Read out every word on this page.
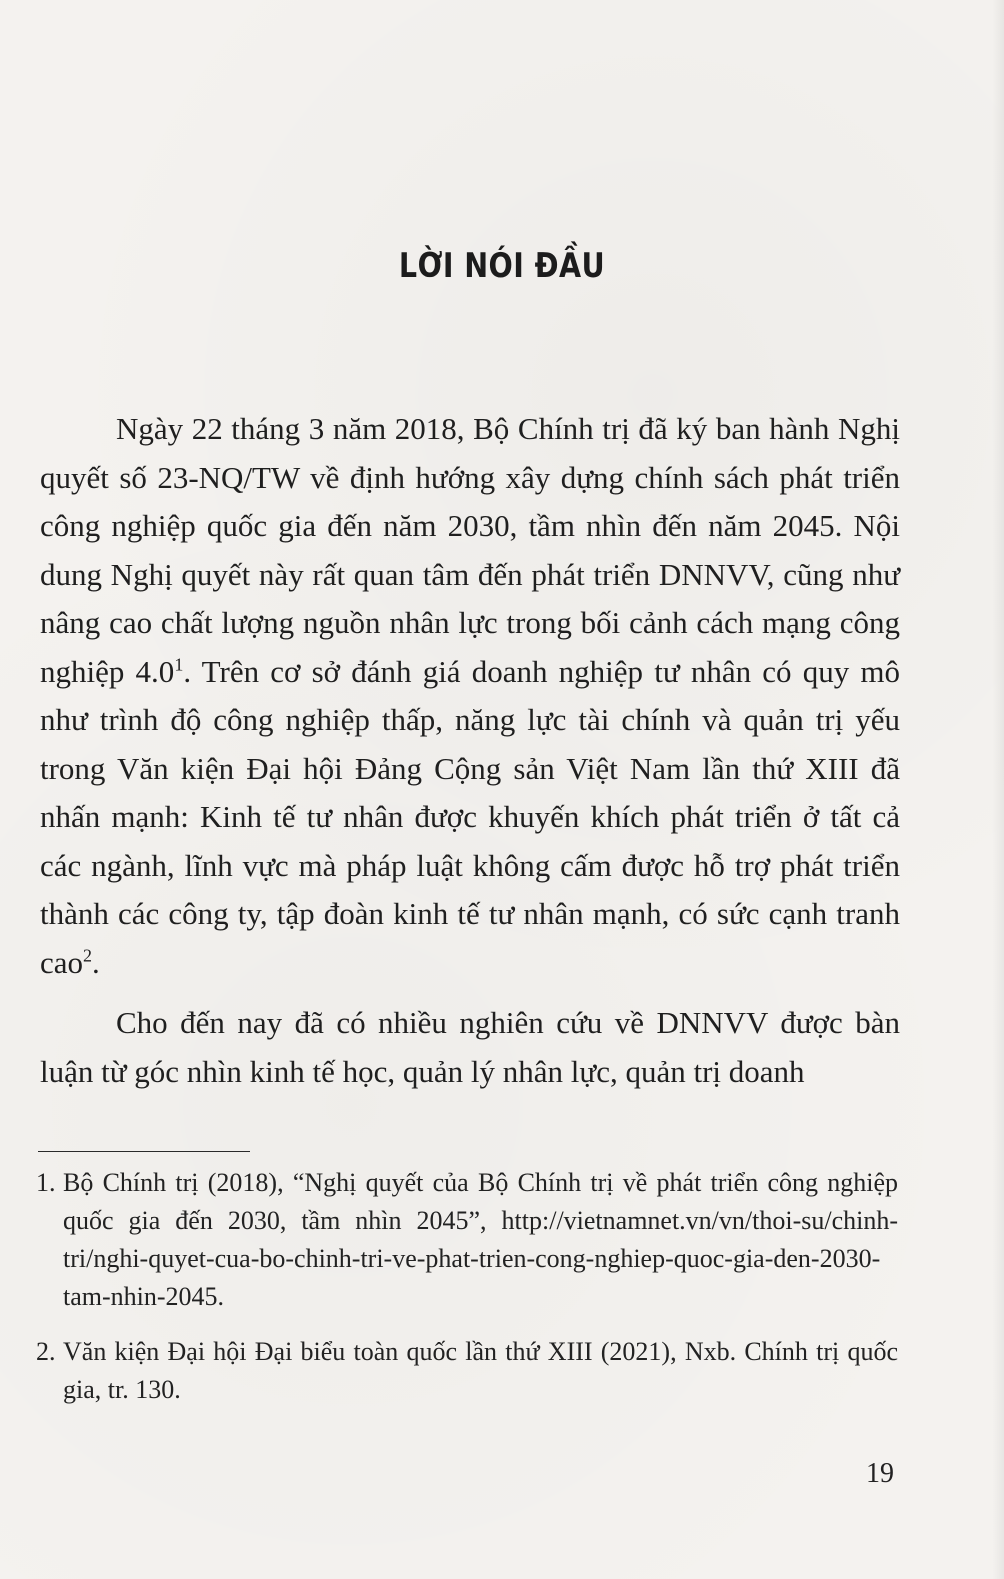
LỜI NÓI ĐẦU

Ngày 22 tháng 3 năm 2018, Bộ Chính trị đã ký ban hành Nghị quyết số 23-NQ/TW về định hướng xây dựng chính sách phát triển công nghiệp quốc gia đến năm 2030, tầm nhìn đến năm 2045. Nội dung Nghị quyết này rất quan tâm đến phát triển DNNVV, cũng như nâng cao chất lượng nguồn nhân lực trong bối cảnh cách mạng công nghiệp $4.0^1$. Trên cơ sở đánh giá doanh nghiệp tư nhân có quy mô như trình độ công nghiệp thấp, năng lực tài chính và quản trị yếu trong Văn kiện Đại hội Đảng Cộng sản Việt Nam lần thứ XIII đã nhấn mạnh: Kinh tế tư nhân được khuyến khích phát triển ở tất cả các ngành, lĩnh vực mà pháp luật không cấm được hỗ trợ phát triển thành các công ty, tập đoàn kinh tế tư nhân mạnh, có sức cạnh tranh cao$^2$.

Cho đến nay đã có nhiều nghiên cứu về DNNVV được bàn luận từ góc nhìn kinh tế học, quản lý nhân lực, quản trị doanh

1. Bộ Chính trị (2018), “Nghị quyết của Bộ Chính trị về phát triển công nghiệp quốc gia đến 2030, tầm nhìn 2045”, http://vietnamnet.vn/vn/thoi-su/chinh-tri/nghi-quyet-cua-bo-chinh-tri-ve-phat-trien-cong-nghiep-quoc-gia-den-2030-tam-nhin-2045.
2. Văn kiện Đại hội Đại biểu toàn quốc lần thứ XIII (2021), Nxb. Chính trị quốc gia, tr. 130.
19
